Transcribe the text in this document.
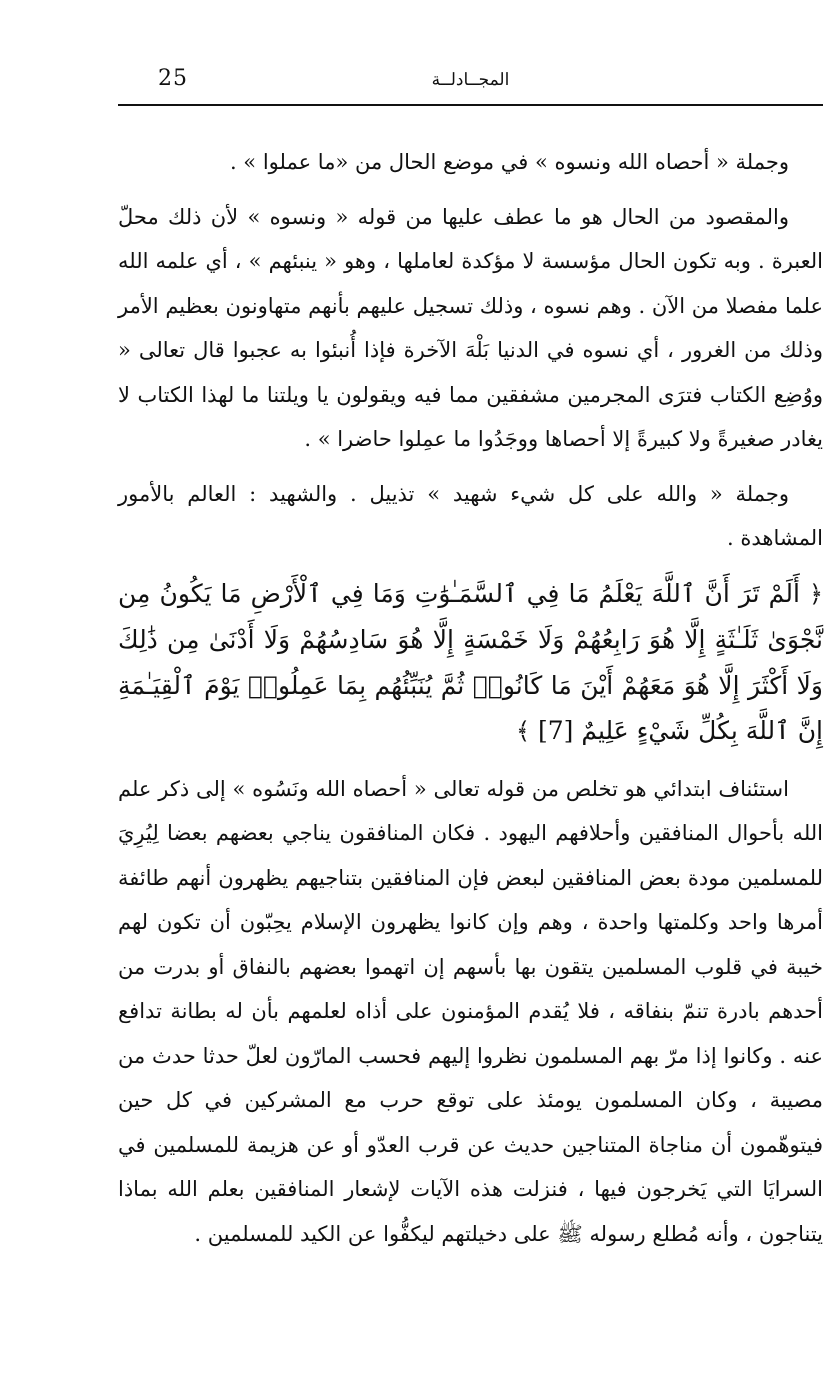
25	المجــادلــة

وجملة « أحصاه الله ونسوه » في موضع الحال من «ما عملوا » .

والمقصود من الحال هو ما عطف عليها من قوله « ونسوه » لأن ذلك محلّ العبرة . وبه تكون الحال مؤسسة لا مؤكدة لعاملها ، وهو « ينبئهم » ، أي علمه الله علما مفصلا من الآن . وهم نسوه ، وذلك تسجيل عليهم بأنهم متهاونون بعظيم الأمر وذلك من الغرور ، أي نسوه في الدنيا بَلْهَ الآخرة فإذا أُنبئوا به عجبوا قال تعالى « ووُضِع الكتاب فترَى المجرمين مشفقين مما فيه ويقولون يا ويلتنا ما لهذا الكتاب لا يغادر صغيرةً ولا كبيرةً إلا أحصاها ووجَدُوا ما عمِلوا حاضرا » .

وجملة « والله على كل شيء شهيد » تذييل . والشهيد : العالم بالأمور المشاهدة .

﴿ أَلَمْ تَرَ أَنَّ ٱللَّهَ يَعْلَمُ مَا فِي ٱلسَّمَـٰوَٰتِ وَمَا فِي ٱلْأَرْضِ مَا يَكُونُ مِن نَّجْوَىٰ ثَلَـٰثَةٍ إِلَّا هُوَ رَابِعُهُمْ وَلَا خَمْسَةٍ إِلَّا هُوَ سَادِسُهُمْ وَلَا أَدْنَىٰ مِن ذَٰلِكَ وَلَا أَكْثَرَ إِلَّا هُوَ مَعَهُمْ أَيْنَ مَا كَانُوا۟ ثُمَّ يُنَبِّئُهُم بِمَا عَمِلُوا۟ يَوْمَ ٱلْقِيَـٰمَةِ إِنَّ ٱللَّهَ بِكُلِّ شَيْءٍ عَلِيمٌ [7] ﴾

استئناف ابتدائي هو تخلص من قوله تعالى « أحصاه الله ونَسُوه » إلى ذكر علم الله بأحوال المنافقين وأحلافهم اليهود . فكان المنافقون يناجي بعضهم بعضا لِيُرِيَ للمسلمين مودة بعض المنافقين لبعض فإن المنافقين بتناجيهم يظهرون أنهم طائفة أمرها واحد وكلمتها واحدة ، وهم وإن كانوا يظهرون الإسلام يحِبّون أن تكون لهم خيبة في قلوب المسلمين يتقون بها بأسهم إن اتهموا بعضهم بالنفاق أو بدرت من أحدهم بادرة تنمّ بنفاقه ، فلا يُقدم المؤمنون على أذاه لعلمهم بأن له بطانة تدافع عنه . وكانوا إذا مرّ بهم المسلمون نظروا إليهم فحسب المارّون لعلّ حدثا حدث من مصيبة ، وكان المسلمون يومئذ على توقع حرب مع المشركين في كل حين فيتوهّمون أن مناجاة المتناجين حديث عن قرب العدّو أو عن هزيمة للمسلمين في السرايَا التي يَخرجون فيها ، فنزلت هذه الآيات لإشعار المنافقين بعلم الله بماذا يتناجون ، وأنه مُطلع رسوله ﷺ على دخيلتهم ليكفُّوا عن الكيد للمسلمين .
